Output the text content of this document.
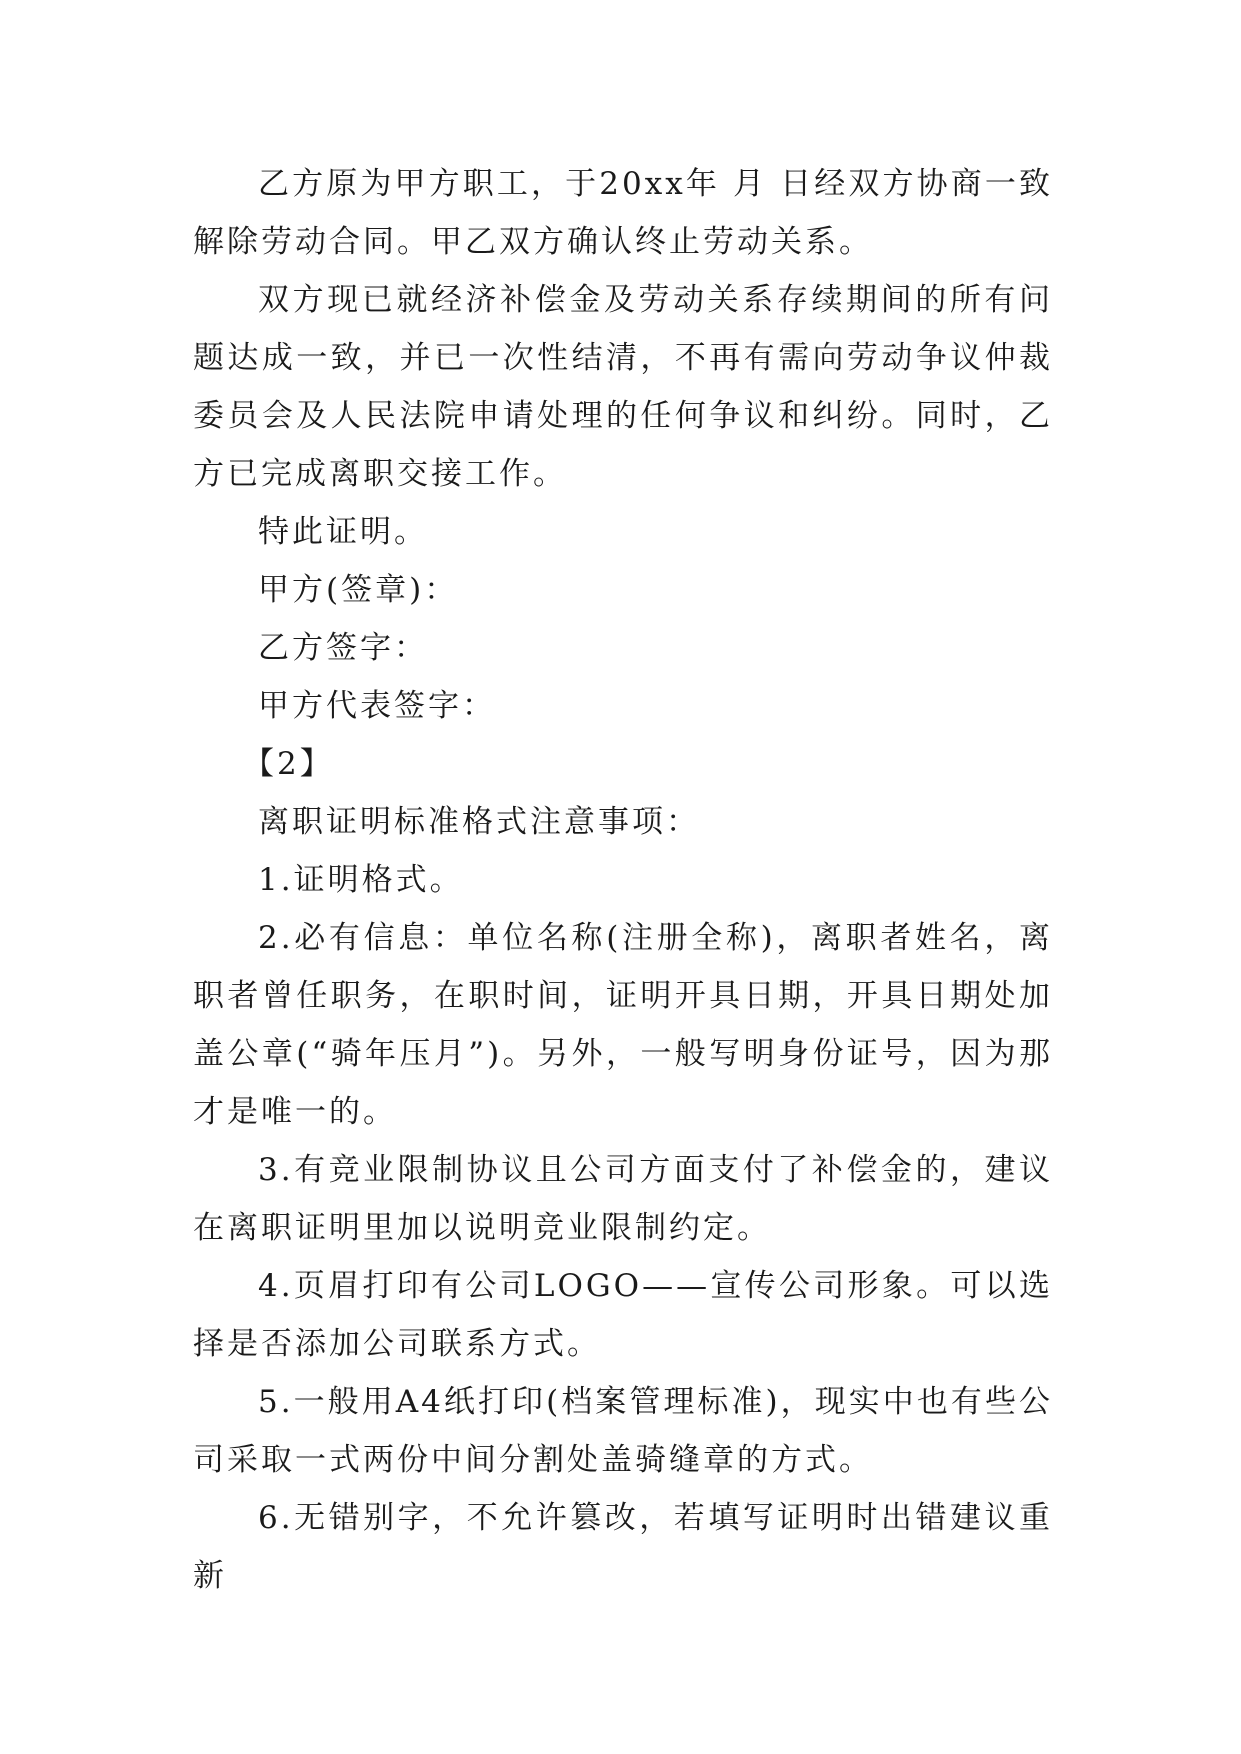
乙方原为甲方职工，于20xx年 月 日经双方协商一致解除劳动合同。甲乙双方确认终止劳动关系。

双方现已就经济补偿金及劳动关系存续期间的所有问题达成一致，并已一次性结清，不再有需向劳动争议仲裁委员会及人民法院申请处理的任何争议和纠纷。同时，乙方已完成离职交接工作。

特此证明。

甲方(签章)：

乙方签字：

甲方代表签字：

【2】

离职证明标准格式注意事项：

1.证明格式。

2.必有信息：单位名称(注册全称)，离职者姓名，离职者曾任职务，在职时间，证明开具日期，开具日期处加盖公章(“骑年压月”)。另外，一般写明身份证号，因为那才是唯一的。

3.有竞业限制协议且公司方面支付了补偿金的，建议在离职证明里加以说明竞业限制约定。

4.页眉打印有公司LOGO——宣传公司形象。可以选择是否添加公司联系方式。

5.一般用A4纸打印(档案管理标准)，现实中也有些公司采取一式两份中间分割处盖骑缝章的方式。

6.无错别字，不允许篡改，若填写证明时出错建议重新
